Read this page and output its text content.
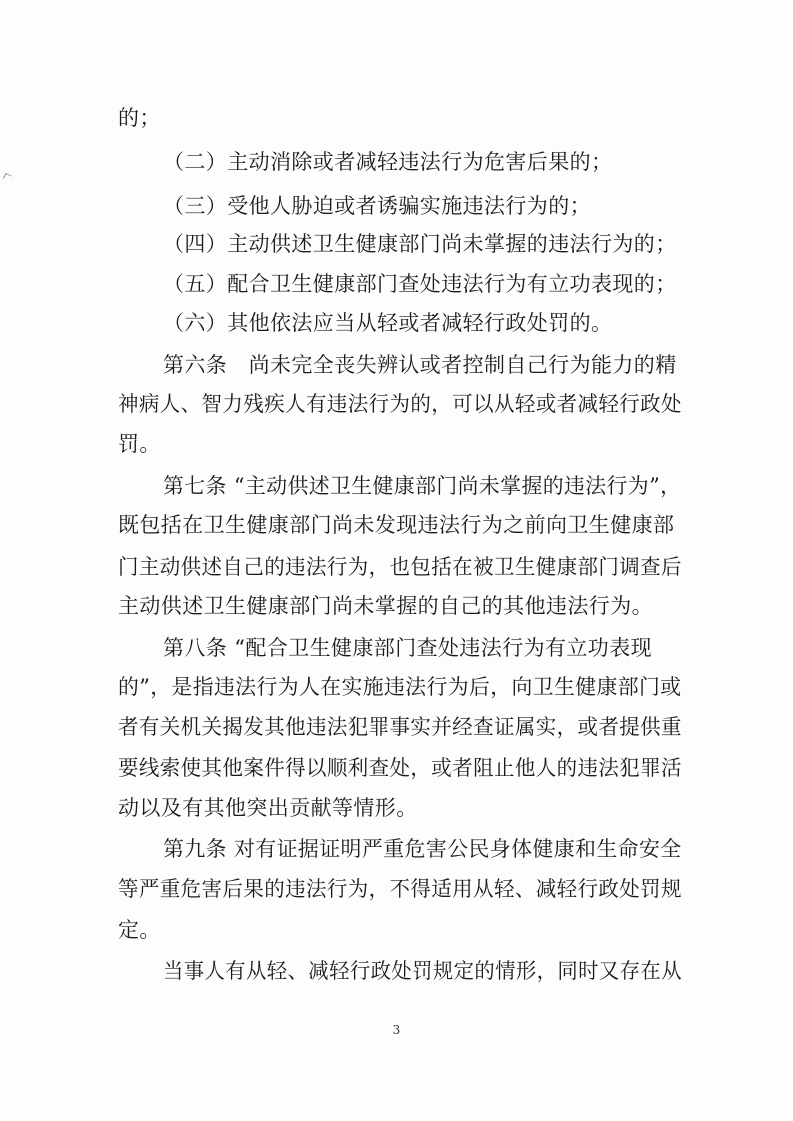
的；
（二）主动消除或者减轻违法行为危害后果的；
（三）受他人胁迫或者诱骗实施违法行为的；
（四）主动供述卫生健康部门尚未掌握的违法行为的；
（五）配合卫生健康部门查处违法行为有立功表现的；
（六）其他依法应当从轻或者减轻行政处罚的。
第六条　尚未完全丧失辨认或者控制自己行为能力的精
神病人、智力残疾人有违法行为的，可以从轻或者减轻行政处
罚。
第七条 “主动供述卫生健康部门尚未掌握的违法行为”，
既包括在卫生健康部门尚未发现违法行为之前向卫生健康部
门主动供述自己的违法行为，也包括在被卫生健康部门调查后
主动供述卫生健康部门尚未掌握的自己的其他违法行为。
第八条 “配合卫生健康部门查处违法行为有立功表现
的”，是指违法行为人在实施违法行为后，向卫生健康部门或
者有关机关揭发其他违法犯罪事实并经查证属实，或者提供重
要线索使其他案件得以顺利查处，或者阻止他人的违法犯罪活
动以及有其他突出贡献等情形。
第九条 对有证据证明严重危害公民身体健康和生命安全
等严重危害后果的违法行为，不得适用从轻、减轻行政处罚规
定。
当事人有从轻、减轻行政处罚规定的情形，同时又存在从
3
